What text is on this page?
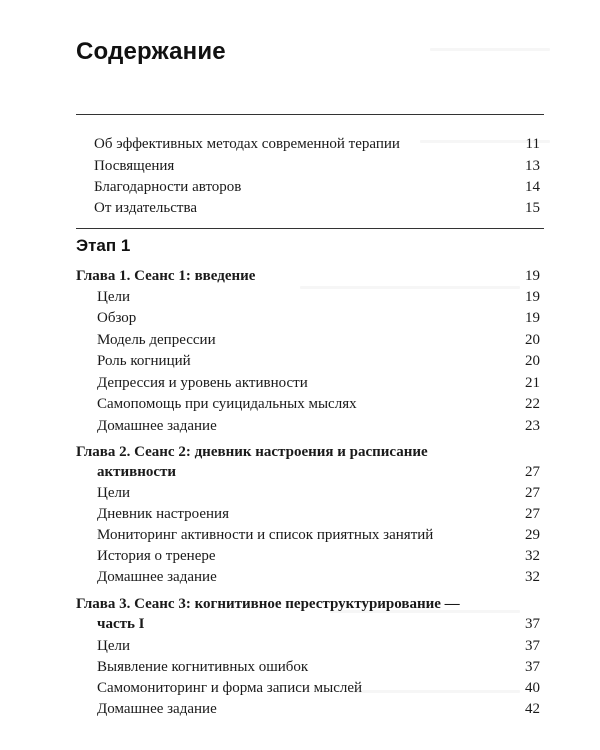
Содержание
Об эффективных методах современной терапии	11
Посвящения	13
Благодарности авторов	14
От издательства	15
Этап 1
Глава 1. Сеанс 1: введение	19
Цели	19
Обзор	19
Модель депрессии	20
Роль когниций	20
Депрессия и уровень активности	21
Самопомощь при суицидальных мыслях	22
Домашнее задание	23
Глава 2. Сеанс 2: дневник настроения и расписание
активности	27
Цели	27
Дневник настроения	27
Мониторинг активности и список приятных занятий	29
История о тренере	32
Домашнее задание	32
Глава 3. Сеанс 3: когнитивное переструктурирование —
часть I	37
Цели	37
Выявление когнитивных ошибок	37
Самомониторинг и форма записи мыслей	40
Домашнее задание	42
